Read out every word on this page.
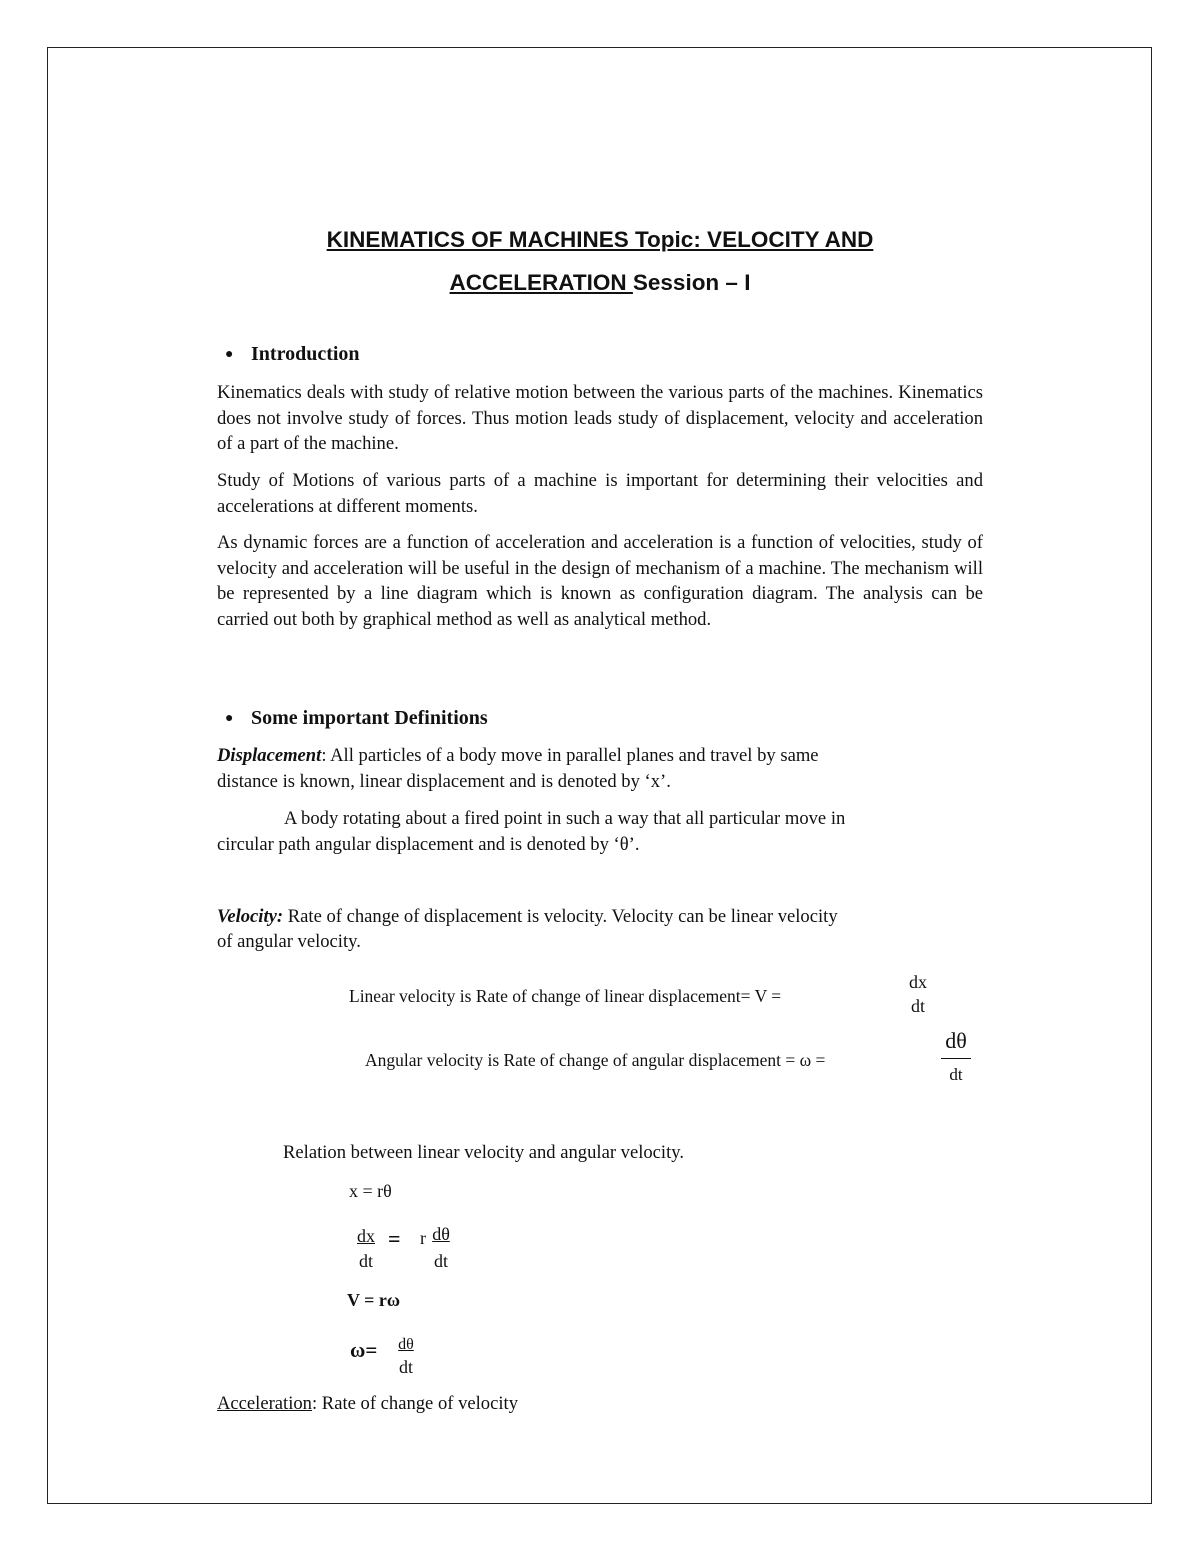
KINEMATICS OF MACHINES Topic: VELOCITY AND
ACCELERATION Session – I
● Introduction
Kinematics deals with study of relative motion between the various parts of the machines. Kinematics does not involve study of forces. Thus motion leads study of displacement, velocity and acceleration of a part of the machine.
Study of Motions of various parts of a machine is important for determining their velocities and accelerations at different moments.
As dynamic forces are a function of acceleration and acceleration is a function of velocities, study of velocity and acceleration will be useful in the design of mechanism of a machine. The mechanism will be represented by a line diagram which is known as configuration diagram. The analysis can be carried out both by graphical method as well as analytical method.
● Some important Definitions
Displacement: All particles of a body move in parallel planes and travel by same
distance is known, linear displacement and is denoted by ‘x’.
A body rotating about a fired point in such a way that all particular move in
circular path angular displacement and is denoted by ‘θ’.
Velocity: Rate of change of displacement is velocity. Velocity can be linear velocity
of angular velocity.
Linear velocity is Rate of change of linear displacement= V =
dx
dt
Angular velocity is Rate of change of angular displacement = ω =
dθ
dt
Relation between linear velocity and angular velocity.
x = rθ
$\frac{dx}{dt} = r$
$\frac{d\theta}{dt}$
V = rω
$\omega= \frac{d\theta}{dt}$
Acceleration: Rate of change of velocity
